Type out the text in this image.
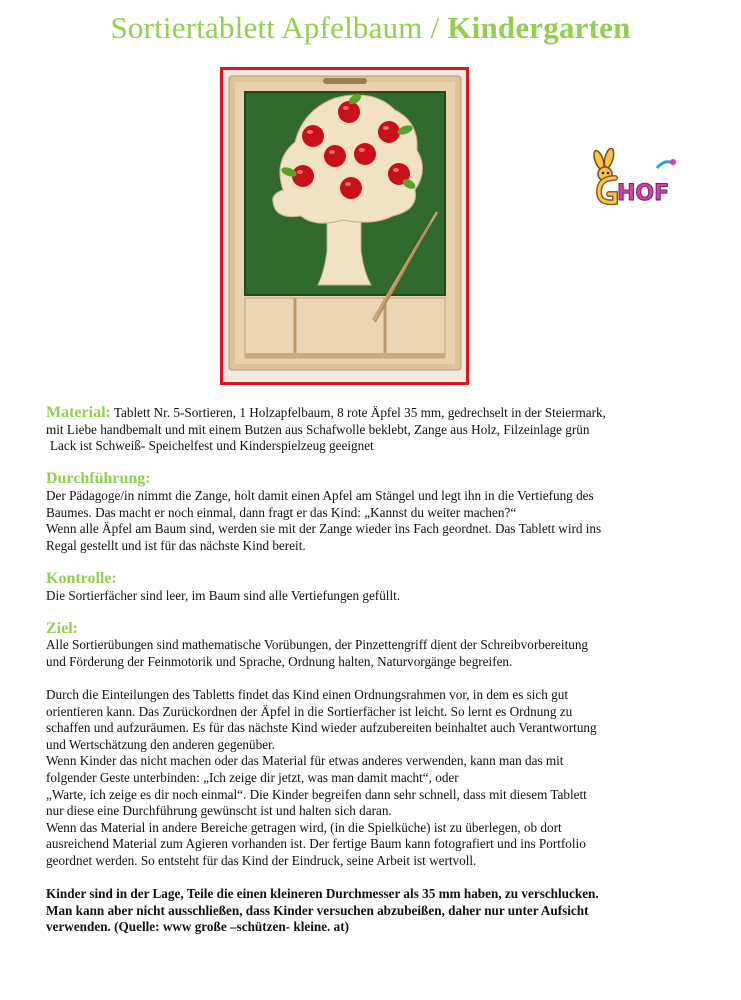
Sortiertablett Apfelbaum / Kindergarten
HOF

Material: Tablett Nr. 5-Sortieren, 1 Holzapfelbaum, 8 rote Äpfel 35 mm, gedrechselt in der Steiermark,

mit Liebe handbemalt und mit einem Butzen aus Schafwolle beklebt, Zange aus Holz, Filzeinlage grün

Lack ist Schweiß- Speichelfest und Kinderspielzeug geeignet

Durchführung:

Der Pädagoge/in nimmt die Zange, holt damit einen Apfel am Stängel und legt ihn in die Vertiefung des

Baumes. Das macht er noch einmal, dann fragt er das Kind: „Kannst du weiter machen?“

Wenn alle Äpfel am Baum sind, werden sie mit der Zange wieder ins Fach geordnet. Das Tablett wird ins

Regal gestellt und ist für das nächste Kind bereit.

Kontrolle:

Die Sortierfächer sind leer, im Baum sind alle Vertiefungen gefüllt.

Ziel:

Alle Sortierübungen sind mathematische Vorübungen, der Pinzettengriff dient der Schreibvorbereitung

und Förderung der Feinmotorik und Sprache, Ordnung halten, Naturvorgänge begreifen.

Durch die Einteilungen des Tabletts findet das Kind einen Ordnungsrahmen vor, in dem es sich gut

orientieren kann. Das Zurückordnen der Äpfel in die Sortierfächer ist leicht. So lernt es Ordnung zu

schaffen und aufzuräumen. Es für das nächste Kind wieder aufzubereiten beinhaltet auch Verantwortung

und Wertschätzung den anderen gegenüber.

Wenn Kinder das nicht machen oder das Material für etwas anderes verwenden, kann man das mit

folgender Geste unterbinden: „Ich zeige dir jetzt, was man damit macht“, oder

„Warte, ich zeige es dir noch einmal“. Die Kinder begreifen dann sehr schnell, dass mit diesem Tablett

nur diese eine Durchführung gewünscht ist und halten sich daran.

Wenn das Material in andere Bereiche getragen wird, (in die Spielküche) ist zu überlegen, ob dort

ausreichend Material zum Agieren vorhanden ist. Der fertige Baum kann fotografiert und ins Portfolio

geordnet werden. So entsteht für das Kind der Eindruck, seine Arbeit ist wertvoll.

Kinder sind in der Lage, Teile die einen kleineren Durchmesser als 35 mm haben, zu verschlucken.

Man kann aber nicht ausschließen, dass Kinder versuchen abzubeißen, daher nur unter Aufsicht

verwenden. (Quelle: www große –schützen- kleine. at)
